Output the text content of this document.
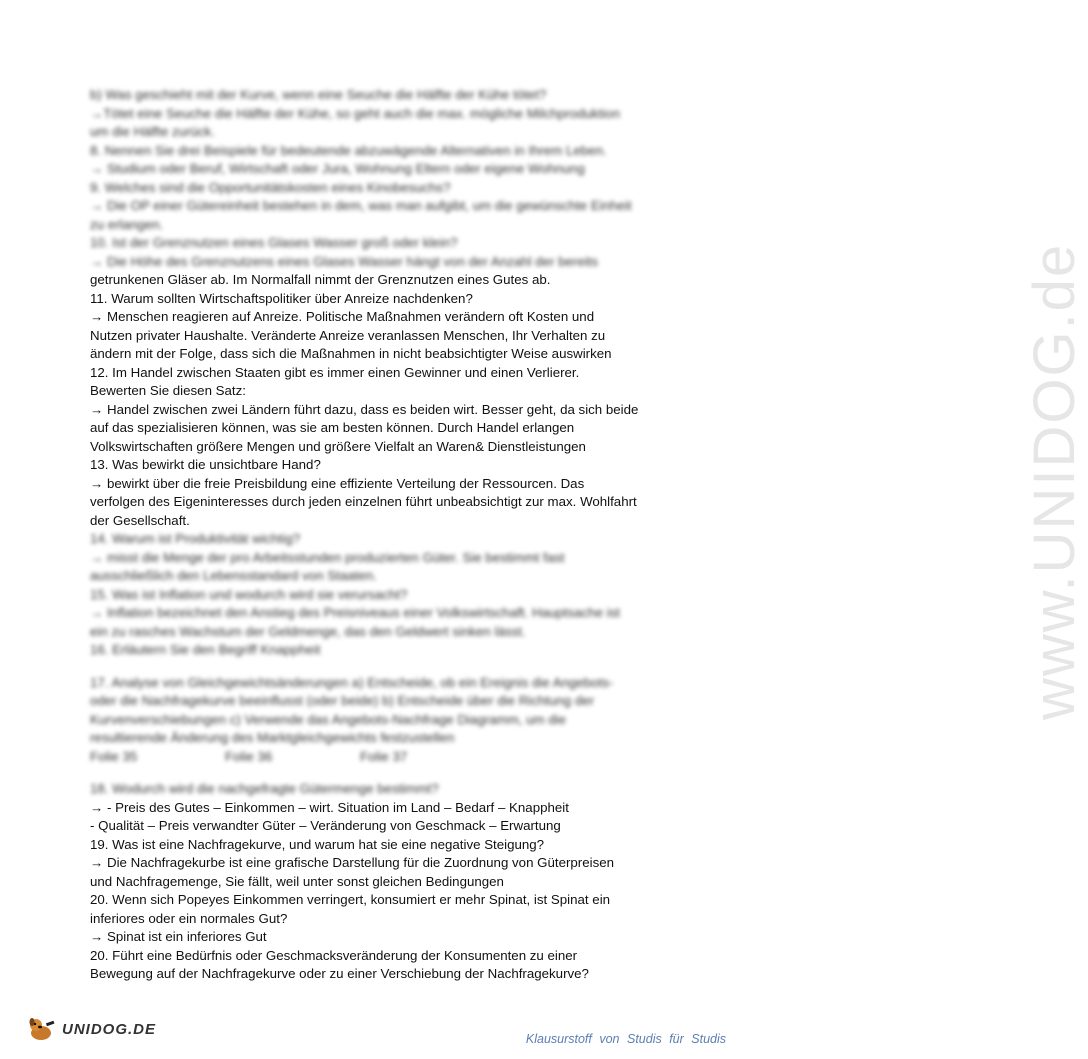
www.UNIDOG.de
b) Was geschieht mit der Kurve, wenn eine Seuche die Hälfte der Kühe tötet?
→Tötet eine Seuche die Hälfte der Kühe, so geht auch die max. mögliche Milchproduktion
um die Hälfte zurück.
8. Nennen Sie drei Beispiele für bedeutende abzuwägende Alternativen in Ihrem Leben.
→ Studium oder Beruf, Wirtschaft oder Jura, Wohnung Eltern oder eigene Wohnung
9. Welches sind die Opportunitätskosten eines Kinobesuchs?
→ Die OP einer Gütereinheit bestehen in dem, was man aufgibt, um die gewünschte Einheit
zu erlangen.
10. Ist der Grenznutzen eines Glases Wasser groß oder klein?
→ Die Höhe des Grenznutzens eines Glases Wasser hängt von der Anzahl der bereits
getrunkenen Gläser ab. Im Normalfall nimmt der Grenznutzen eines Gutes ab.
11. Warum sollten Wirtschaftspolitiker über Anreize nachdenken?
→ Menschen reagieren auf Anreize. Politische Maßnahmen verändern oft Kosten und
Nutzen privater Haushalte. Veränderte Anreize veranlassen Menschen, Ihr Verhalten zu
ändern mit der Folge, dass sich die Maßnahmen in nicht beabsichtigter Weise auswirken
12. Im Handel zwischen Staaten gibt es immer einen Gewinner und einen Verlierer.
Bewerten Sie diesen Satz:
→ Handel zwischen zwei Ländern führt dazu, dass es beiden wirt. Besser geht, da sich beide
auf das spezialisieren können, was sie am besten können. Durch Handel erlangen
Volkswirtschaften größere Mengen und größere Vielfalt an Waren& Dienstleistungen
13. Was bewirkt die unsichtbare Hand?
→ bewirkt über die freie Preisbildung eine effiziente Verteilung der Ressourcen. Das
verfolgen des Eigeninteresses durch jeden einzelnen führt unbeabsichtigt zur max. Wohlfahrt
der Gesellschaft.
14. Warum ist Produktivität wichtig?
→ misst die Menge der pro Arbeitsstunden produzierten Güter. Sie bestimmt fast
ausschließlich den Lebensstandard von Staaten.
15. Was ist Inflation und wodurch wird sie verursacht?
→ Inflation bezeichnet den Anstieg des Preisniveaus einer Volkswirtschaft. Hauptsache ist
ein zu rasches Wachstum der Geldmenge, das den Geldwert sinken lässt.
16. Erläutern Sie den Begriff Knappheit
17. Analyse von Gleichgewichtsänderungen a) Entscheide, ob ein Ereignis die Angebots-
oder die Nachfragekurve beeinflusst (oder beide) b) Entscheide über die Richtung der
Kurvenverschiebungen c) Verwende das Angebots-Nachfrage Diagramm, um die
resultierende Änderung des Marktgleichgewichts festzustellen
Folie 35	Folie 36	Folie 37
18. Wodurch wird die nachgefragte Gütermenge bestimmt?
→ - Preis des Gutes – Einkommen – wirt. Situation im Land – Bedarf – Knappheit
- Qualität – Preis verwandter Güter – Veränderung von Geschmack – Erwartung
19. Was ist eine Nachfragekurve, und warum hat sie eine negative Steigung?
→ Die Nachfragekurbe ist eine grafische Darstellung für die Zuordnung von Güterpreisen
und Nachfragemenge, Sie fällt, weil unter sonst gleichen Bedingungen
20. Wenn sich Popeyes Einkommen verringert, konsumiert er mehr Spinat, ist Spinat ein
inferiores oder ein normales Gut?
→ Spinat ist ein inferiores Gut
20. Führt eine Bedürfnis oder Geschmacksveränderung der Konsumenten zu einer
Bewegung auf der Nachfragekurve oder zu einer Verschiebung der Nachfragekurve?
UNIDOG.DE
Klausurstoff von Studis für Studis
